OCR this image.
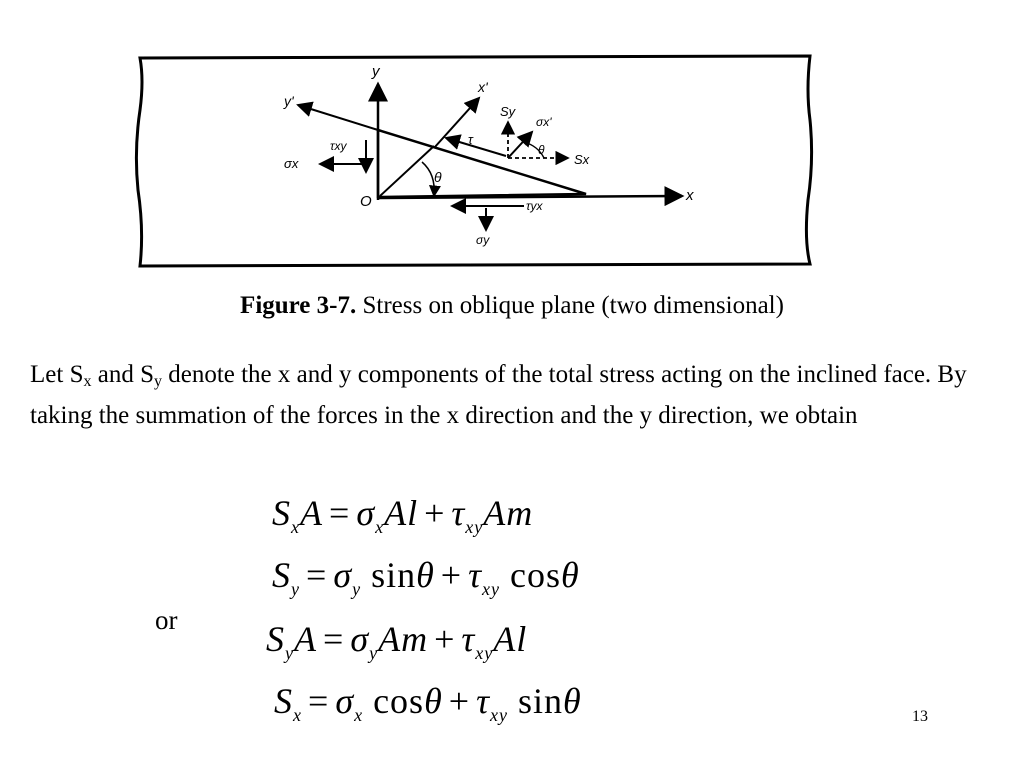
y
x
O
y'
θ
x'
σx
τxy
τyx
σy
τ
Sy
Sx
σx'
θ
Figure 3-7. Stress on oblique plane (two dimensional)
Let $S_x$ and $S_y$ denote the x and y components of the total stress acting on the inclined face. By taking the summation of the forces in the x direction and the y direction, we obtain
$S_xA = \sigma_xAl + \tau_{xy}Am$
$S_y = \sigma_y$ $\sin\theta + \tau_{xy}$ cosθ
or $S_yA = \sigma_yAm + \tau_{xy}Al$
$S_x = \sigma_x$ $\cos\theta + \tau_{xy}$ sinθ	13
